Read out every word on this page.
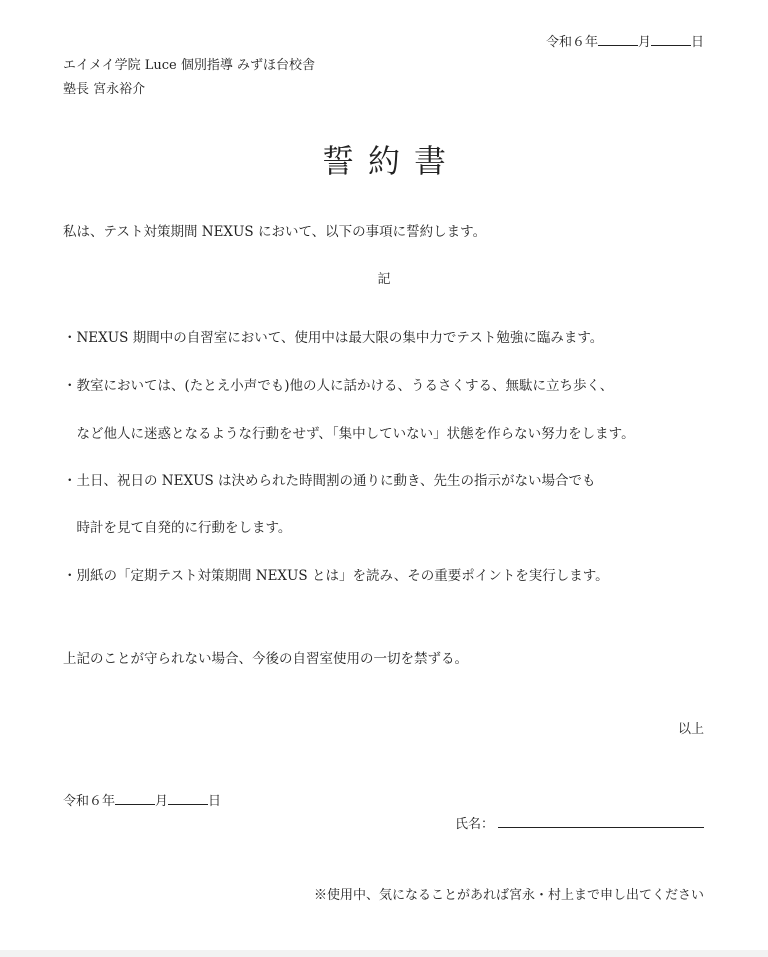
令和６年	月	日
エイメイ学院 Luce 個別指導 みずほ台校舎
塾長 宮永裕介
誓約書
私は、テスト対策期間 NEXUS において、以下の事項に誓約します。
記
・NEXUS 期間中の自習室において、使用中は最大限の集中力でテスト勉強に臨みます。
・教室においては、(たとえ小声でも)他の人に話かける、うるさくする、無駄に立ち歩く、
　など他人に迷惑となるような行動をせず、「集中していない」状態を作らない努力をします。
・土日、祝日の NEXUS は決められた時間割の通りに動き、先生の指示がない場合でも
　時計を見て自発的に行動をします。
・別紙の「定期テスト対策期間 NEXUS とは」を読み、その重要ポイントを実行します。
上記のことが守られない場合、今後の自習室使用の一切を禁ずる。
以上
令和６年	月	日
氏名：
※使用中、気になることがあれば宮永・村上まで申し出てください
